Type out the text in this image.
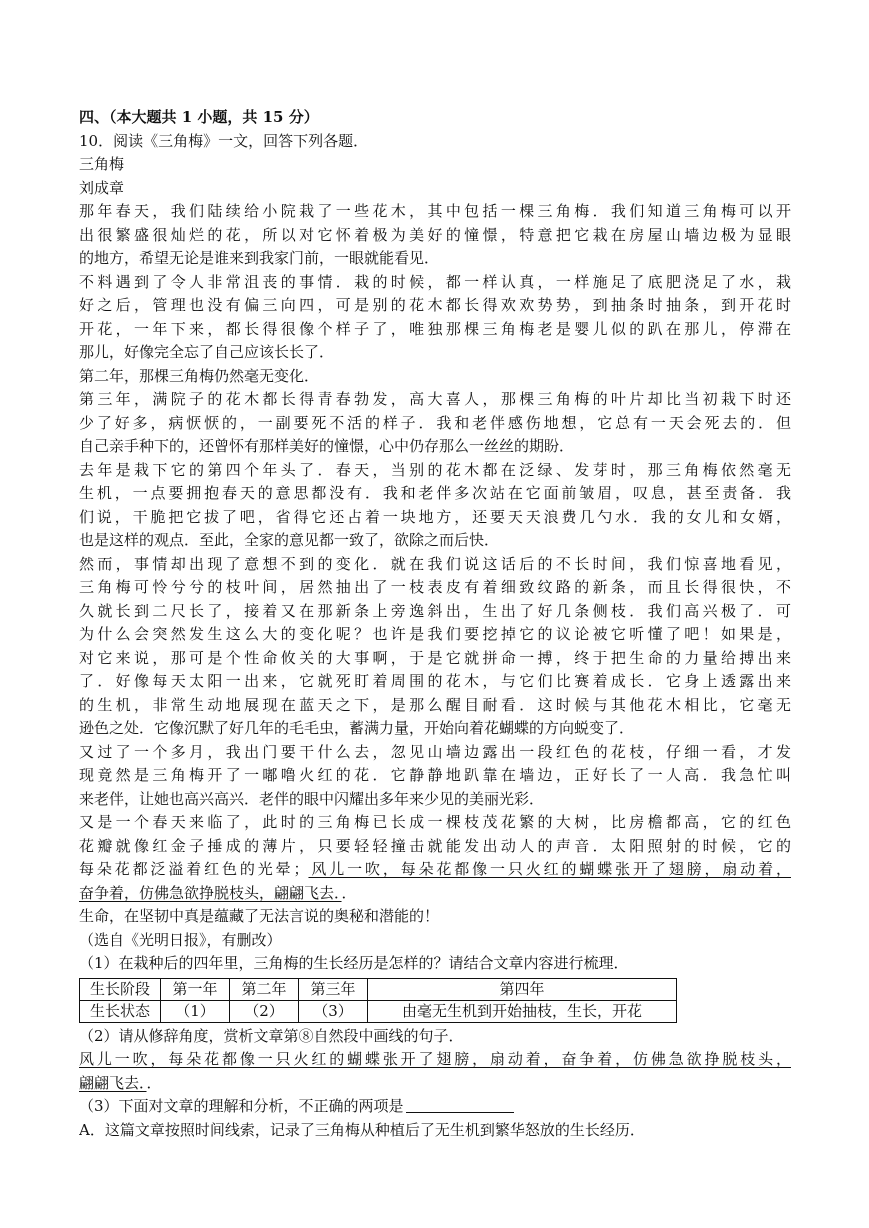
四、（本大题共 1 小题，共 15 分）
10．阅读《三角梅》一文，回答下列各题．
三角梅
刘成章
那年春天，我们陆续给小院栽了一些花木，其中包括一棵三角梅．我们知道三角梅可以开
出很繁盛很灿烂的花，所以对它怀着极为美好的憧憬，特意把它栽在房屋山墙边极为显眼
的地方，希望无论是谁来到我家门前，一眼就能看见．
不料遇到了令人非常沮丧的事情．栽的时候，都一样认真，一样施足了底肥浇足了水，栽
好之后，管理也没有偏三向四，可是别的花木都长得欢欢势势，到抽条时抽条，到开花时
开花，一年下来，都长得很像个样子了，唯独那棵三角梅老是婴儿似的趴在那儿，停滞在
那儿，好像完全忘了自己应该长长了．
第二年，那棵三角梅仍然毫无变化．
第三年，满院子的花木都长得青春勃发，高大喜人，那棵三角梅的叶片却比当初栽下时还
少了好多，病恹恹的，一副要死不活的样子．我和老伴感伤地想，它总有一天会死去的．但
自己亲手种下的，还曾怀有那样美好的憧憬，心中仍存那么一丝丝的期盼．
去年是栽下它的第四个年头了．春天，当别的花木都在泛绿、发芽时，那三角梅依然毫无
生机，一点要拥抱春天的意思都没有．我和老伴多次站在它面前皱眉，叹息，甚至责备．我
们说，干脆把它拔了吧，省得它还占着一块地方，还要天天浪费几勺水．我的女儿和女婿，
也是这样的观点．至此，全家的意见都一致了，欲除之而后快．
然而，事情却出现了意想不到的变化．就在我们说这话后的不长时间，我们惊喜地看见，
三角梅可怜兮兮的枝叶间，居然抽出了一枝表皮有着细致纹路的新条，而且长得很快，不
久就长到二尺长了，接着又在那新条上旁逸斜出，生出了好几条侧枝．我们高兴极了．可
为什么会突然发生这么大的变化呢？也许是我们要挖掉它的议论被它听懂了吧！如果是，
对它来说，那可是个性命攸关的大事啊，于是它就拼命一搏，终于把生命的力量给搏出来
了．好像每天太阳一出来，它就死盯着周围的花木，与它们比赛着成长．它身上透露出来
的生机，非常生动地展现在蓝天之下，是那么醒目耐看．这时候与其他花木相比，它毫无
逊色之处．它像沉默了好几年的毛毛虫，蓄满力量，开始向着花蝴蝶的方向蜕变了．
又过了一个多月，我出门要干什么去，忽见山墙边露出一段红色的花枝，仔细一看，才发
现竟然是三角梅开了一嘟噜火红的花．它静静地趴靠在墙边，正好长了一人高．我急忙叫
来老伴，让她也高兴高兴．老伴的眼中闪耀出多年来少见的美丽光彩．
又是一个春天来临了，此时的三角梅已长成一棵枝茂花繁的大树，比房檐都高，它的红色
花瓣就像红金子捶成的薄片，只要轻轻撞击就能发出动人的声音．太阳照射的时候，它的
每朵花都泛溢着红色的光晕；风儿一吹，每朵花都像一只火红的蝴蝶张开了翅膀，扇动着，
奋争着，仿佛急欲挣脱枝头，翩翩飞去．．
生命，在坚韧中真是蕴藏了无法言说的奥秘和潜能的！
（选自《光明日报》，有删改）
（1）在栽种后的四年里，三角梅的生长经历是怎样的？请结合文章内容进行梳理．
生长阶段	第一年	第二年	第三年	第四年
生长状态	（1）	（2）	（3）	由毫无生机到开始抽枝，生长，开花
（2）请从修辞角度，赏析文章第⑧自然段中画线的句子．
风儿一吹，每朵花都像一只火红的蝴蝶张开了翅膀，扇动着，奋争着，仿佛急欲挣脱枝头，
翩翩飞去．．
（3）下面对文章的理解和分析，不正确的两项是
A．这篇文章按照时间线索，记录了三角梅从种植后了无生机到繁华怒放的生长经历．
